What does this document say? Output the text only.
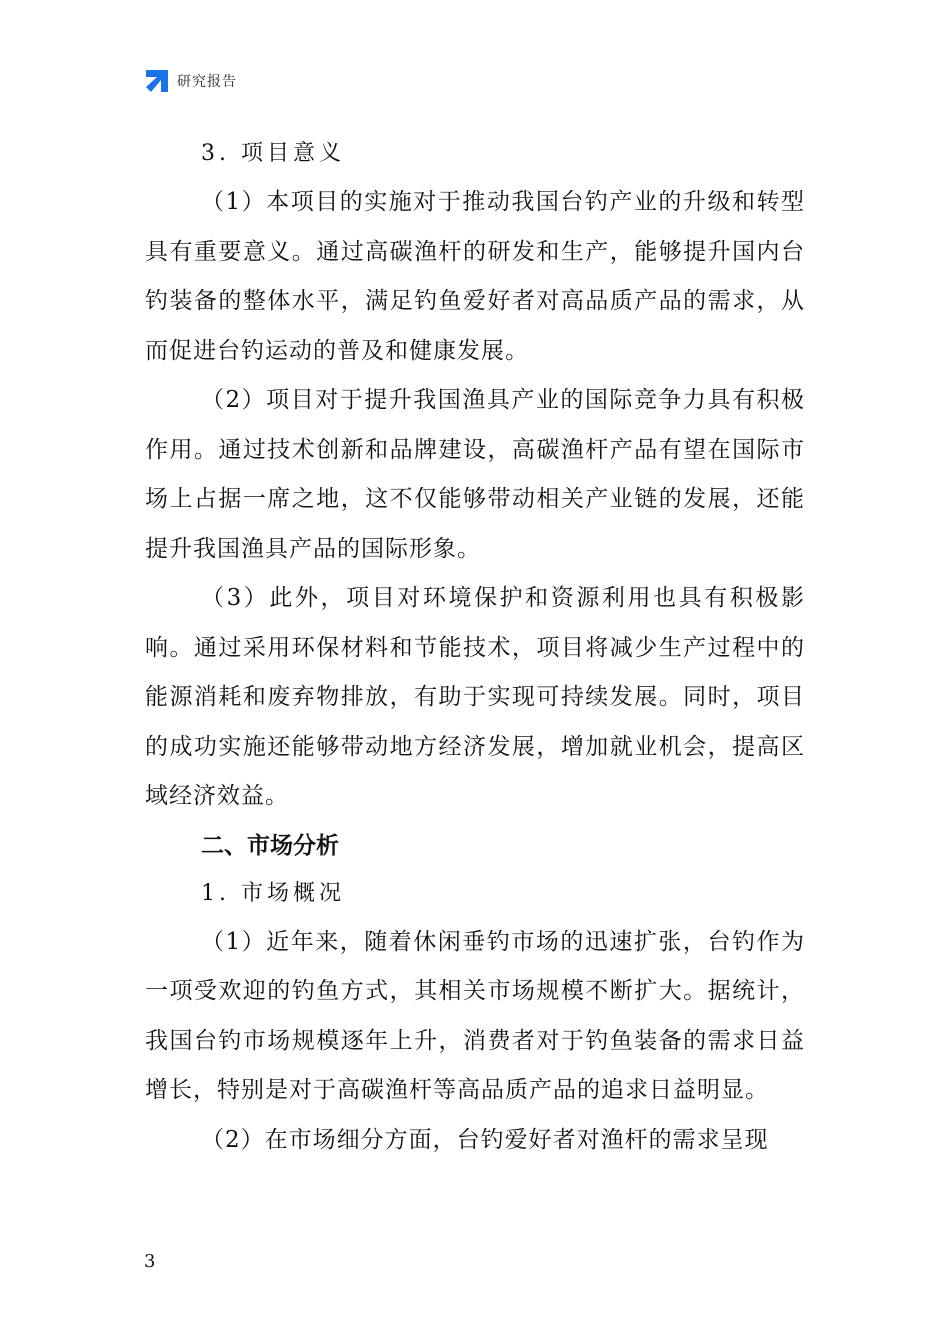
研究报告
3. 项目意义

（1）本项目的实施对于推动我国台钓产业的升级和转型具有重要意义。通过高碳渔杆的研发和生产，能够提升国内台钓装备的整体水平，满足钓鱼爱好者对高品质产品的需求，从而促进台钓运动的普及和健康发展。

（2）项目对于提升我国渔具产业的国际竞争力具有积极作用。通过技术创新和品牌建设，高碳渔杆产品有望在国际市场上占据一席之地，这不仅能够带动相关产业链的发展，还能提升我国渔具产品的国际形象。

（3）此外，项目对环境保护和资源利用也具有积极影响。通过采用环保材料和节能技术，项目将减少生产过程中的能源消耗和废弃物排放，有助于实现可持续发展。同时，项目的成功实施还能够带动地方经济发展，增加就业机会，提高区域经济效益。

二、市场分析
1. 市场概况

（1）近年来，随着休闲垂钓市场的迅速扩张，台钓作为一项受欢迎的钓鱼方式，其相关市场规模不断扩大。据统计，我国台钓市场规模逐年上升，消费者对于钓鱼装备的需求日益增长，特别是对于高碳渔杆等高品质产品的追求日益明显。

（2）在市场细分方面，台钓爱好者对渔杆的需求呈现

3
